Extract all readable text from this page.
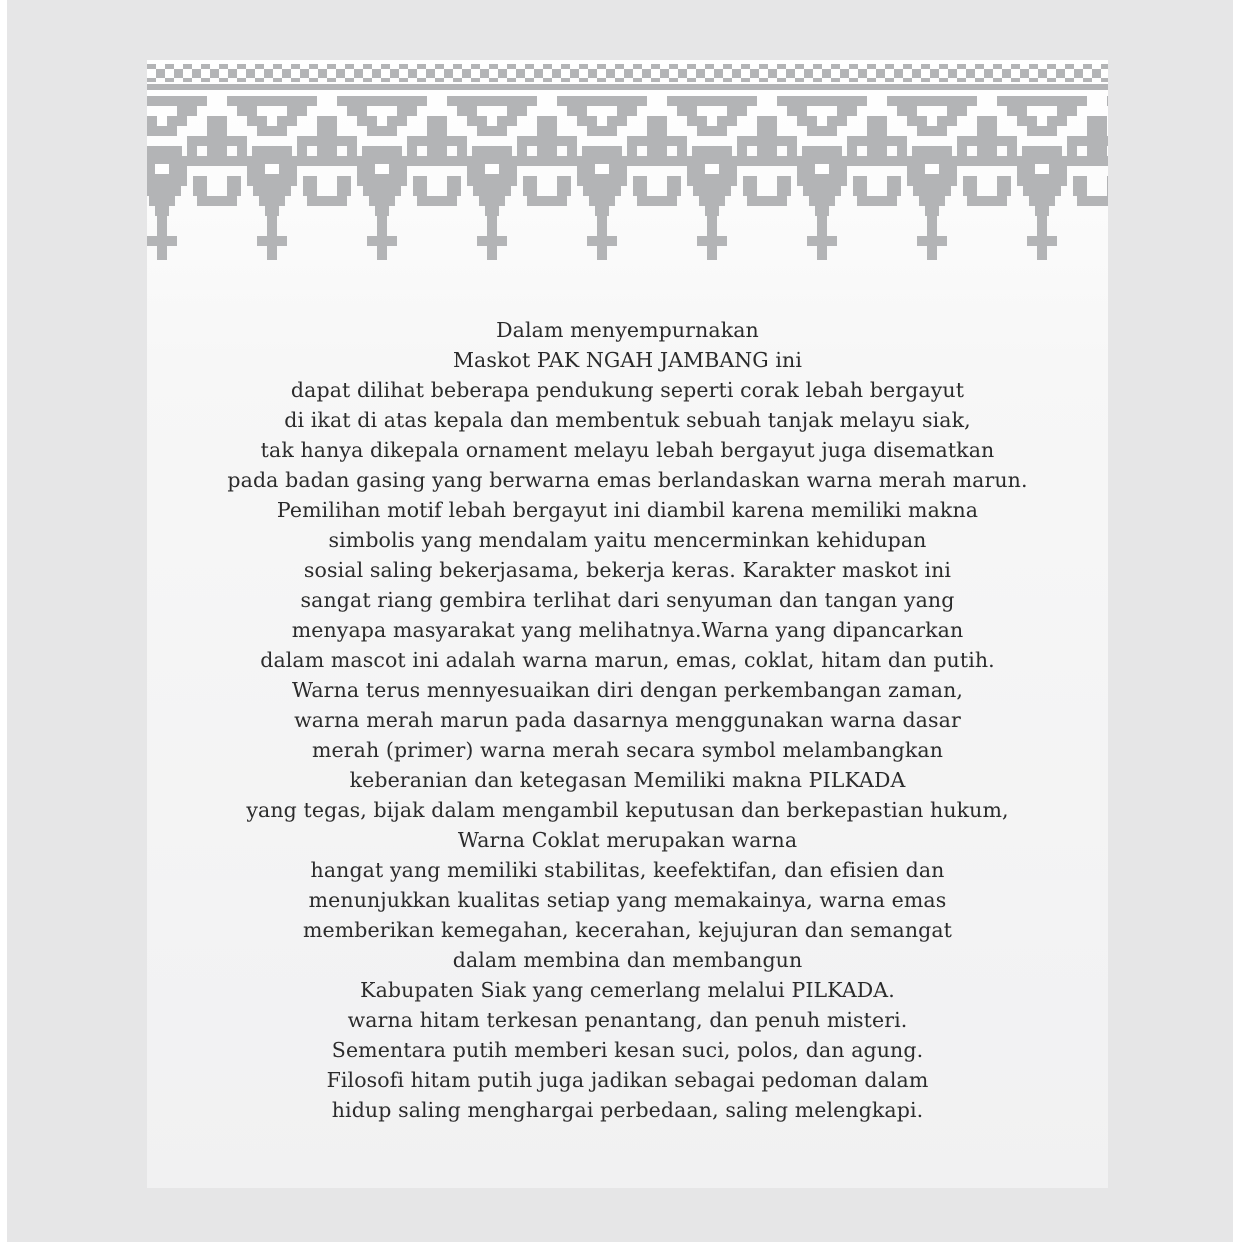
Dalam menyempurnakan
Maskot PAK NGAH JAMBANG ini
dapat dilihat beberapa pendukung seperti corak lebah bergayut
di ikat di atas kepala dan membentuk sebuah tanjak melayu siak,
tak hanya dikepala ornament melayu lebah bergayut juga disematkan
pada badan gasing yang berwarna emas berlandaskan warna merah marun.
Pemilihan motif lebah bergayut ini diambil karena memiliki makna
simbolis yang mendalam yaitu mencerminkan kehidupan
sosial saling bekerjasama, bekerja keras. Karakter maskot ini
sangat riang gembira terlihat dari senyuman dan tangan yang
menyapa masyarakat yang melihatnya.Warna yang dipancarkan
dalam mascot ini adalah warna marun, emas, coklat, hitam dan putih.
Warna terus mennyesuaikan diri dengan perkembangan zaman,
warna merah marun pada dasarnya menggunakan warna dasar
merah (primer) warna merah secara symbol melambangkan
keberanian dan ketegasan Memiliki makna PILKADA
yang tegas, bijak dalam mengambil keputusan dan berkepastian hukum,
Warna Coklat merupakan warna
hangat yang memiliki stabilitas, keefektifan, dan efisien dan
menunjukkan kualitas setiap yang memakainya, warna emas
memberikan kemegahan, kecerahan, kejujuran dan semangat
dalam membina dan membangun
Kabupaten Siak yang cemerlang melalui PILKADA.
warna hitam terkesan penantang, dan penuh misteri.
Sementara putih memberi kesan suci, polos, dan agung.
Filosofi hitam putih juga jadikan sebagai pedoman dalam
hidup saling menghargai perbedaan, saling melengkapi.
